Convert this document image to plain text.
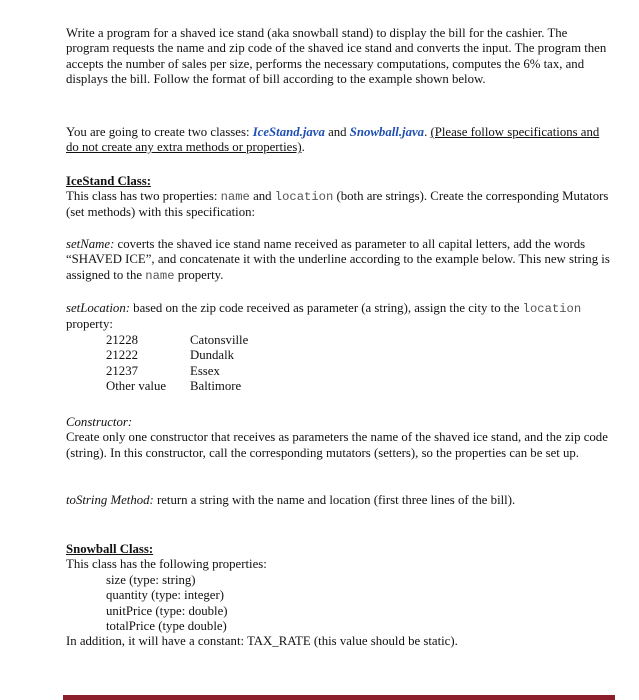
Write a program for a shaved ice stand (aka snowball stand) to display the bill for the cashier. The program requests the name and zip code of the shaved ice stand and converts the input. The program then accepts the number of sales per size, performs the necessary computations, computes the 6% tax, and displays the bill. Follow the format of bill according to the example shown below.

You are going to create two classes: IceStand.java and Snowball.java. (Please follow specifications and do not create any extra methods or properties).

IceStand Class:

This class has two properties: name and location (both are strings). Create the corresponding Mutators (set methods) with this specification:

setName: coverts the shaved ice stand name received as parameter to all capital letters, add the words “SHAVED ICE”, and concatenate it with the underline according to the example below. This new string is assigned to the name property.

setLocation: based on the zip code received as parameter (a string), assign the city to the location property:

21228	Catonsville
21222	Dundalk
21237	Essex
Other value	Baltimore

Constructor:

Create only one constructor that receives as parameters the name of the shaved ice stand, and the zip code (string). In this constructor, call the corresponding mutators (setters), so the properties can be set up.

toString Method: return a string with the name and location (first three lines of the bill).

Snowball Class:

This class has the following properties:

size (type: string)
quantity (type: integer)
unitPrice (type: double)
totalPrice (type double)

In addition, it will have a constant: TAX_RATE (this value should be static).
